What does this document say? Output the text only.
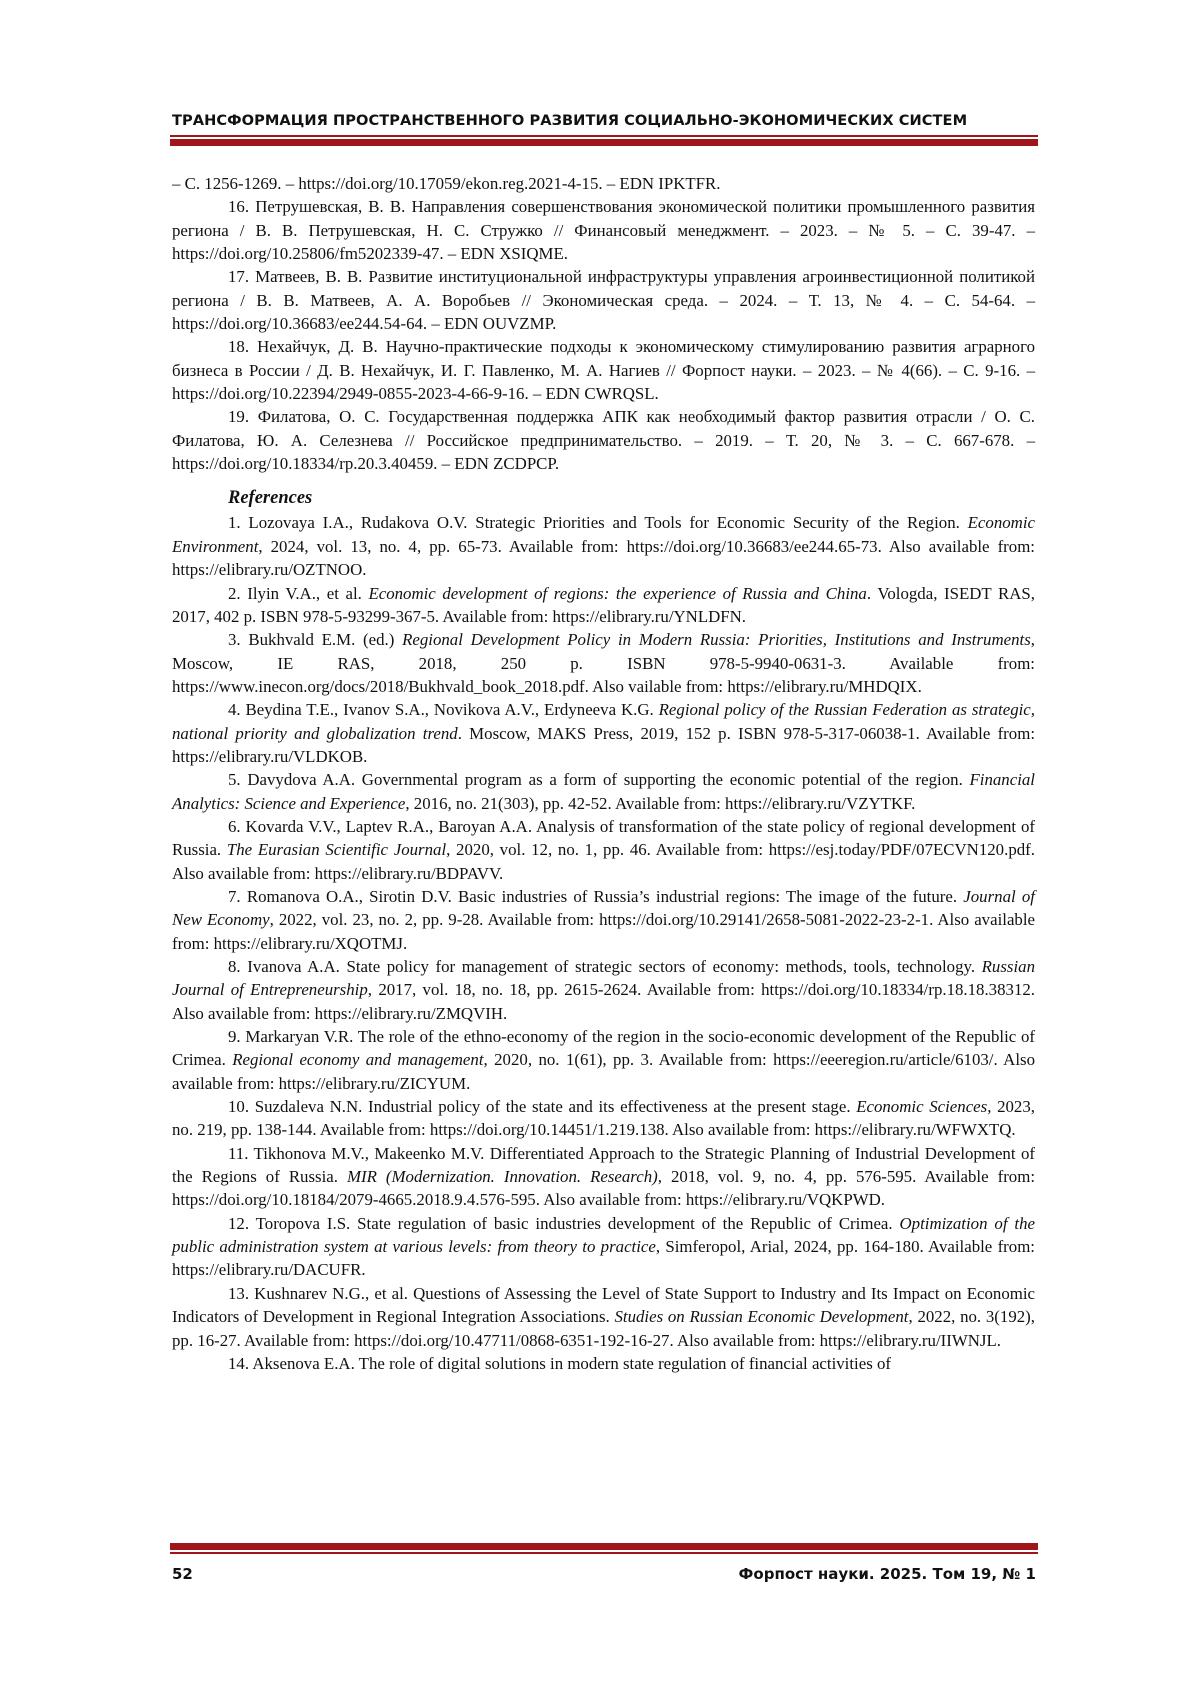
ТРАНСФОРМАЦИЯ ПРОСТРАНСТВЕННОГО РАЗВИТИЯ СОЦИАЛЬНО-ЭКОНОМИЧЕСКИХ СИСТЕМ

– С. 1256-1269. – https://doi.org/10.17059/ekon.reg.2021-4-15. – EDN IPKTFR.

16. Петрушевская, В. В. Направления совершенствования экономической политики промышленного развития региона / В. В. Петрушевская, Н. С. Стружко // Финансовый менеджмент. – 2023. – № 5. – С. 39-47. – https://doi.org/10.25806/fm5202339-47. – EDN XSIQME.

17. Матвеев, В. В. Развитие институциональной инфраструктуры управления агроинвестиционной политикой региона / В. В. Матвеев, А. А. Воробьев // Экономическая среда. – 2024. – Т. 13, № 4. – С. 54-64. – https://doi.org/10.36683/ee244.54-64. – EDN OUVZMP.

18. Нехайчук, Д. В. Научно-практические подходы к экономическому стимулированию развития аграрного бизнеса в России / Д. В. Нехайчук, И. Г. Павленко, М. А. Нагиев // Форпост науки. – 2023. – № 4(66). – С. 9-16. – https://doi.org/10.22394/2949-0855-2023-4-66-9-16. – EDN CWRQSL.

19. Филатова, О. С. Государственная поддержка АПК как необходимый фактор развития отрасли / О. С. Филатова, Ю. А. Селезнева // Российское предпринимательство. – 2019. – Т. 20, № 3. – С. 667-678. – https://doi.org/10.18334/rp.20.3.40459. – EDN ZCDPCP.

References

1. Lozovaya I.A., Rudakova O.V. Strategic Priorities and Tools for Economic Security of the Region. Economic Environment, 2024, vol. 13, no. 4, pp. 65-73. Available from: https://doi.org/10.36683/ee244.65-73. Also available from: https://elibrary.ru/OZTNOO.

2. Ilyin V.A., et al. Economic development of regions: the experience of Russia and China. Vologda, ISEDT RAS, 2017, 402 p. ISBN 978-5-93299-367-5. Available from: https://elibrary.ru/YNLDFN.

3. Bukhvald E.M. (ed.) Regional Development Policy in Modern Russia: Priorities, Institutions and Instruments, Moscow, IE RAS, 2018, 250 p. ISBN 978-5-9940-0631-3. Available from: https://www.inecon.org/docs/2018/Bukhvald_book_2018.pdf. Also vailable from: https://elibrary.ru/MHDQIX.

4. Beydina T.E., Ivanov S.A., Novikova A.V., Erdyneeva K.G. Regional policy of the Russian Federation as strategic, national priority and globalization trend. Moscow, MAKS Press, 2019, 152 p. ISBN 978-5-317-06038-1. Available from: https://elibrary.ru/VLDKOB.

5. Davydova A.A. Governmental program as a form of supporting the economic potential of the region. Financial Analytics: Science and Experience, 2016, no. 21(303), pp. 42-52. Available from: https://elibrary.ru/VZYTKF.

6. Kovarda V.V., Laptev R.A., Baroyan A.A. Analysis of transformation of the state policy of regional development of Russia. The Eurasian Scientific Journal, 2020, vol. 12, no. 1, pp. 46. Available from: https://esj.today/PDF/07ECVN120.pdf. Also available from: https://elibrary.ru/BDPAVV.

7. Romanova O.A., Sirotin D.V. Basic industries of Russia’s industrial regions: The image of the future. Journal of New Economy, 2022, vol. 23, no. 2, pp. 9-28. Available from: https://doi.org/10.29141/2658-5081-2022-23-2-1. Also available from: https://elibrary.ru/XQOTMJ.

8. Ivanova A.A. State policy for management of strategic sectors of economy: methods, tools, technology. Russian Journal of Entrepreneurship, 2017, vol. 18, no. 18, pp. 2615-2624. Available from: https://doi.org/10.18334/rp.18.18.38312. Also available from: https://elibrary.ru/ZMQVIH.

9. Markaryan V.R. The role of the ethno-economy of the region in the socio-economic development of the Republic of Crimea. Regional economy and management, 2020, no. 1(61), pp. 3. Available from: https://eeeregion.ru/article/6103/. Also available from: https://elibrary.ru/ZICYUM.

10. Suzdaleva N.N. Industrial policy of the state and its effectiveness at the present stage. Economic Sciences, 2023, no. 219, pp. 138-144. Available from: https://doi.org/10.14451/1.219.138. Also available from: https://elibrary.ru/WFWXTQ.

11. Tikhonova M.V., Makeenko M.V. Differentiated Approach to the Strategic Planning of Industrial Development of the Regions of Russia. MIR (Modernization. Innovation. Research), 2018, vol. 9, no. 4, pp. 576-595. Available from: https://doi.org/10.18184/2079-4665.2018.9.4.576-595. Also available from: https://elibrary.ru/VQKPWD.

12. Toropova I.S. State regulation of basic industries development of the Republic of Crimea. Optimization of the public administration system at various levels: from theory to practice, Simferopol, Arial, 2024, pp. 164-180. Available from: https://elibrary.ru/DACUFR.

13. Kushnarev N.G., et al. Questions of Assessing the Level of State Support to Industry and Its Impact on Economic Indicators of Development in Regional Integration Associations. Studies on Russian Economic Development, 2022, no. 3(192), pp. 16-27. Available from: https://doi.org/10.47711/0868-6351-192-16-27. Also available from: https://elibrary.ru/IIWNJL.

14. Aksenova E.A. The role of digital solutions in modern state regulation of financial activities of

52	Форпост науки. 2025. Том 19, № 1
